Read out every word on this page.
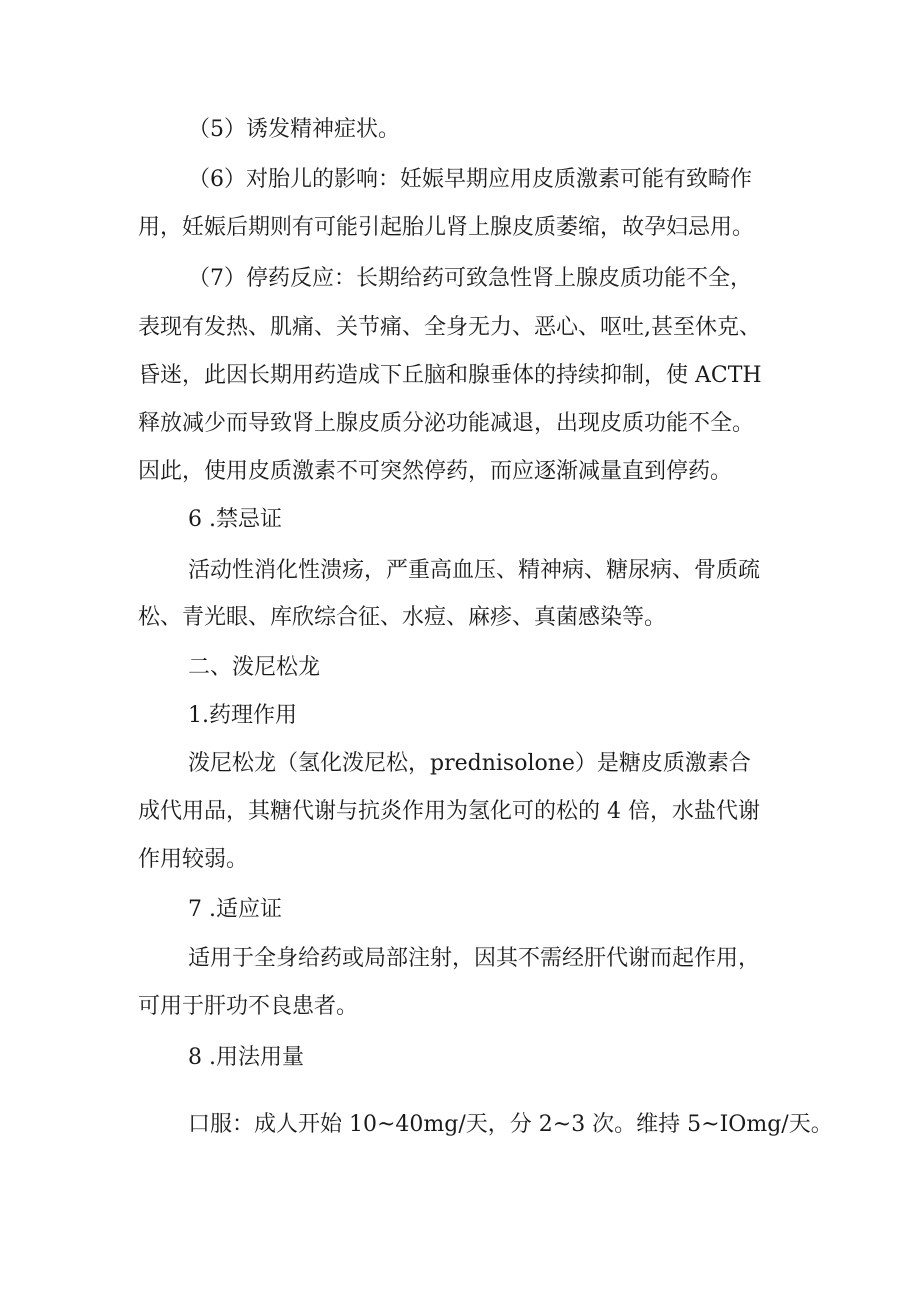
（5）诱发精神症状。
（6）对胎儿的影响：妊娠早期应用皮质激素可能有致畸作
用，妊娠后期则有可能引起胎儿肾上腺皮质萎缩，故孕妇忌用。
（7）停药反应：长期给药可致急性肾上腺皮质功能不全，
表现有发热、肌痛、关节痛、全身无力、恶心、呕吐,甚至休克、
昏迷，此因长期用药造成下丘脑和腺垂体的持续抑制，使 ACTH
释放减少而导致肾上腺皮质分泌功能减退，出现皮质功能不全。
因此，使用皮质激素不可突然停药，而应逐渐减量直到停药。
6 .禁忌证
活动性消化性溃疡，严重高血压、精神病、糖尿病、骨质疏
松、青光眼、库欣综合征、水痘、麻疹、真菌感染等。
二、泼尼松龙
1.药理作用
泼尼松龙（氢化泼尼松，prednisolone）是糖皮质激素合
成代用品，其糖代谢与抗炎作用为氢化可的松的 4 倍，水盐代谢
作用较弱。
7 .适应证
适用于全身给药或局部注射，因其不需经肝代谢而起作用，
可用于肝功不良患者。
8 .用法用量
口服：成人开始 10~40mg/天，分 2~3 次。维持 5~IOmg/天。
